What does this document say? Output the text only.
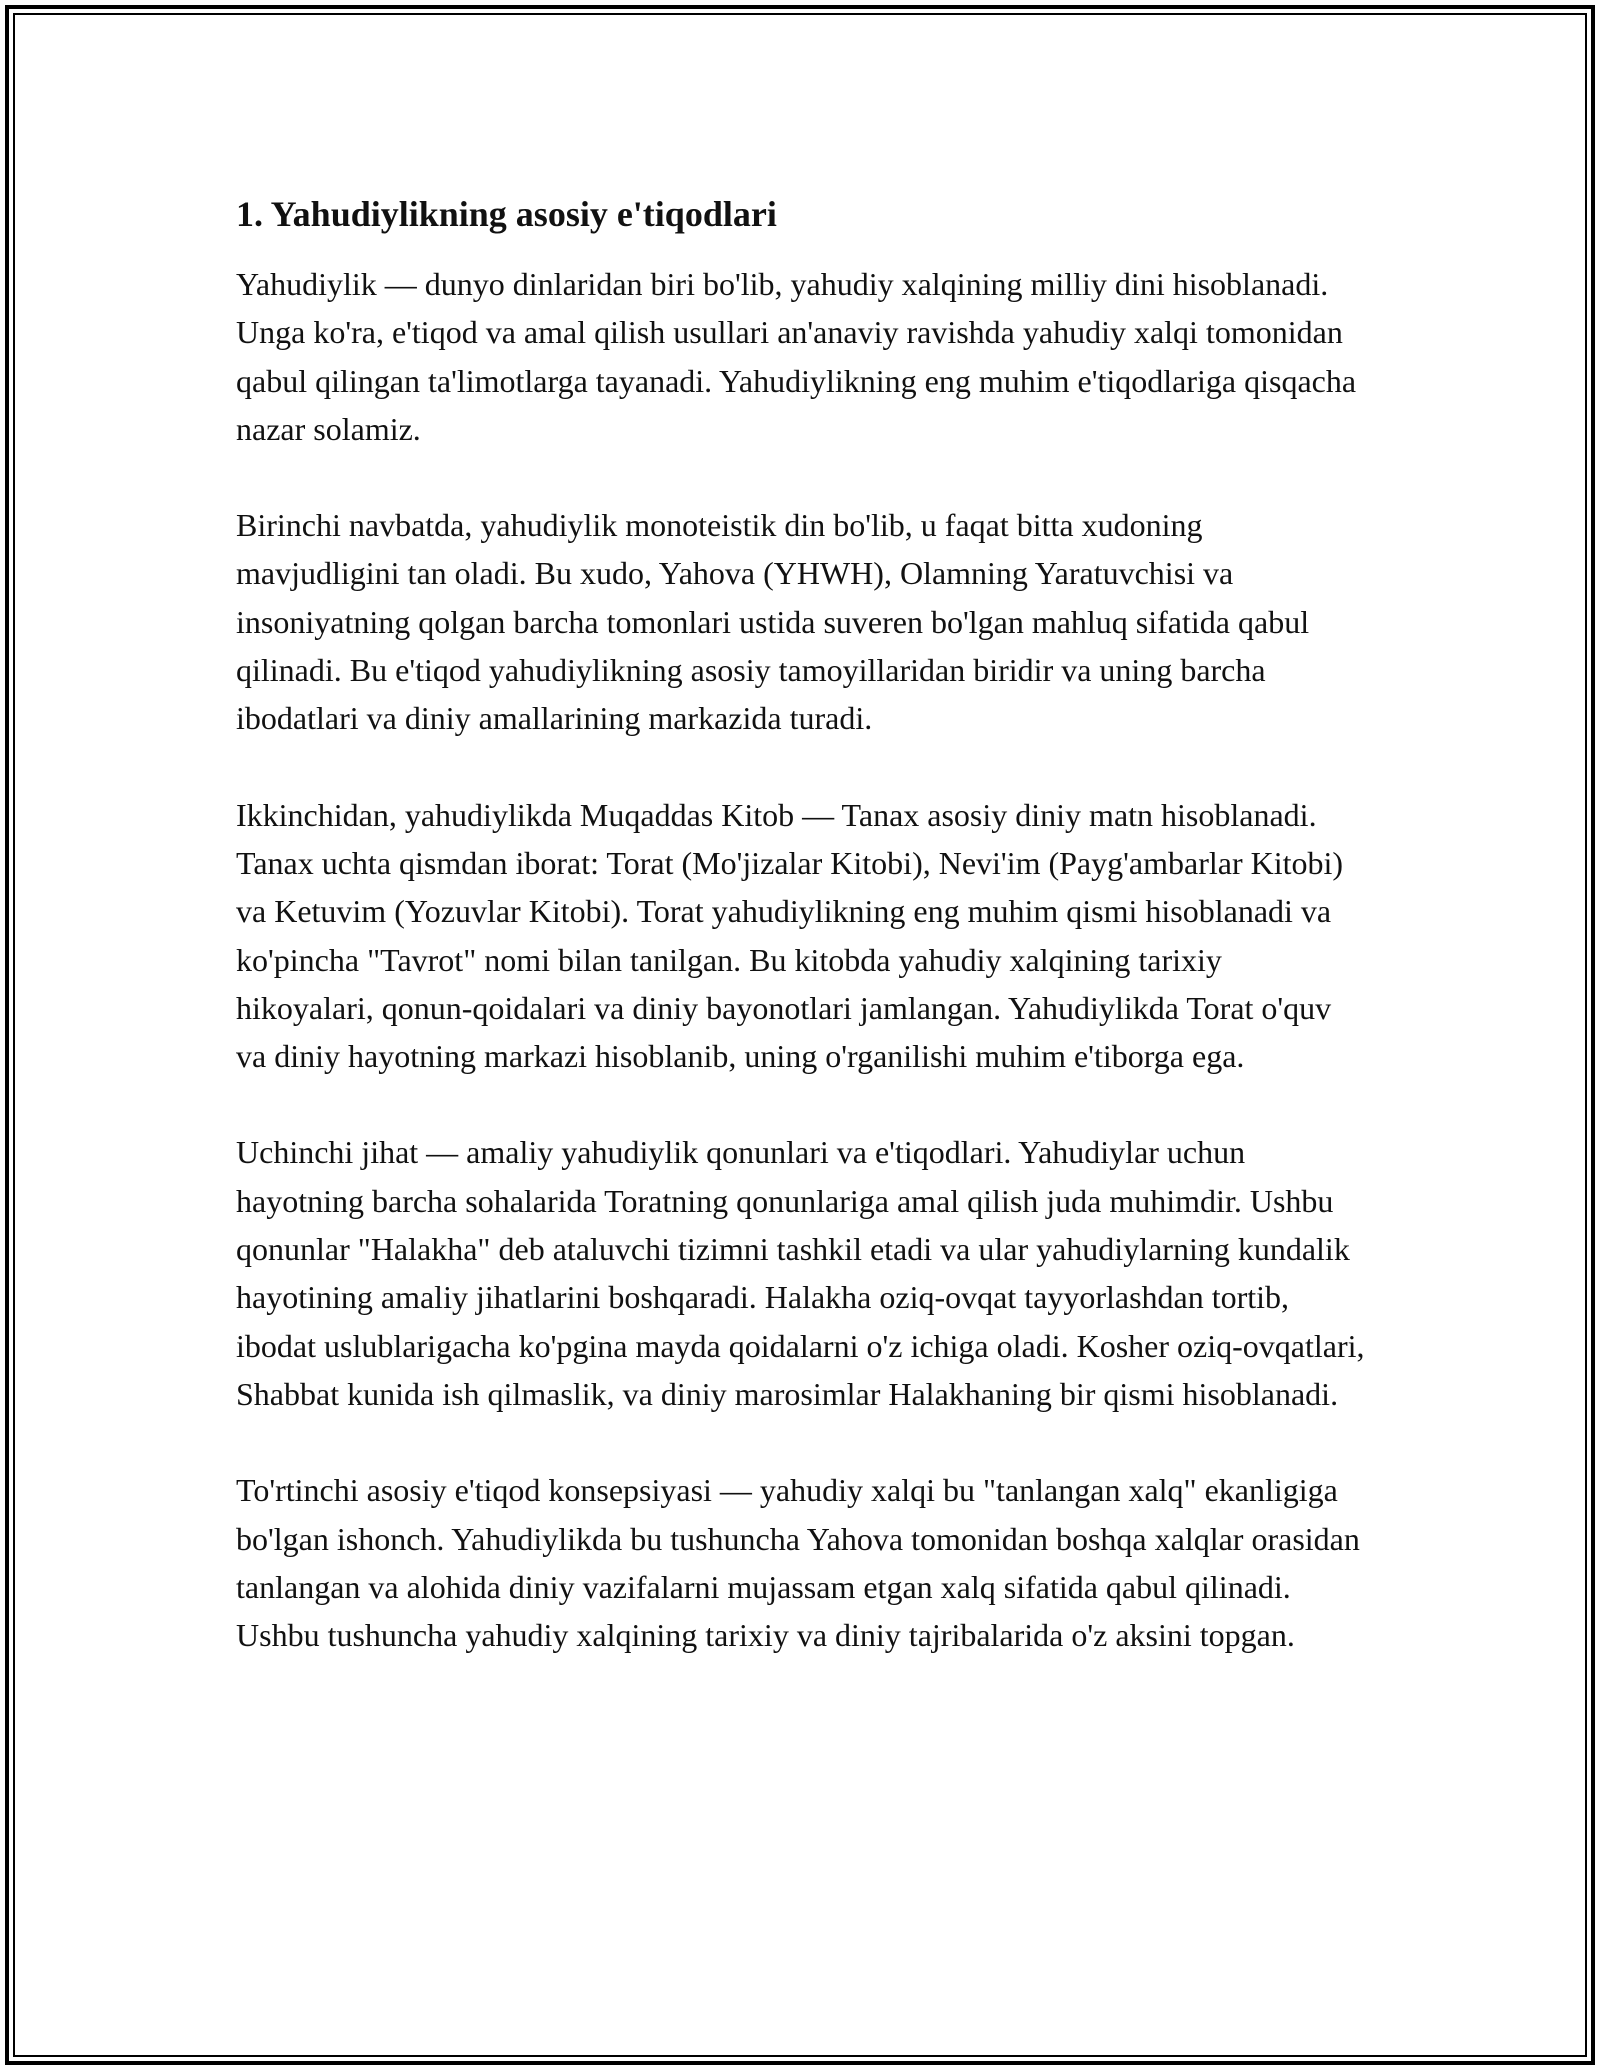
1. Yahudiylikning asosiy e'tiqodlari

Yahudiylik — dunyo dinlaridan biri bo'lib, yahudiy xalqining milliy dini hisoblanadi. Unga ko'ra, e'tiqod va amal qilish usullari an'anaviy ravishda yahudiy xalqi tomonidan qabul qilingan ta'limotlarga tayanadi. Yahudiylikning eng muhim e'tiqodlariga qisqacha nazar solamiz.

Birinchi navbatda, yahudiylik monoteistik din bo'lib, u faqat bitta xudoning mavjudligini tan oladi. Bu xudo, Yahova (YHWH), Olamning Yaratuvchisi va insoniyatning qolgan barcha tomonlari ustida suveren bo'lgan mahluq sifatida qabul qilinadi. Bu e'tiqod yahudiylikning asosiy tamoyillaridan biridir va uning barcha ibodatlari va diniy amallarining markazida turadi.

Ikkinchidan, yahudiylikda Muqaddas Kitob — Tanax asosiy diniy matn hisoblanadi. Tanax uchta qismdan iborat: Torat (Mo'jizalar Kitobi), Nevi'im (Payg'ambarlar Kitobi) va Ketuvim (Yozuvlar Kitobi). Torat yahudiylikning eng muhim qismi hisoblanadi va ko'pincha "Tavrot" nomi bilan tanilgan. Bu kitobda yahudiy xalqining tarixiy hikoyalari, qonun-qoidalari va diniy bayonotlari jamlangan. Yahudiylikda Torat o'quv va diniy hayotning markazi hisoblanib, uning o'rganilishi muhim e'tiborga ega.

Uchinchi jihat — amaliy yahudiylik qonunlari va e'tiqodlari. Yahudiylar uchun hayotning barcha sohalarida Toratning qonunlariga amal qilish juda muhimdir. Ushbu qonunlar "Halakha" deb ataluvchi tizimni tashkil etadi va ular yahudiylarning kundalik hayotining amaliy jihatlarini boshqaradi. Halakha oziq-ovqat tayyorlashdan tortib, ibodat uslublarigacha ko'pgina mayda qoidalarni o'z ichiga oladi. Kosher oziq-ovqatlari, Shabbat kunida ish qilmaslik, va diniy marosimlar Halakhaning bir qismi hisoblanadi.

To'rtinchi asosiy e'tiqod konsepsiyasi — yahudiy xalqi bu "tanlangan xalq" ekanligiga bo'lgan ishonch. Yahudiylikda bu tushuncha Yahova tomonidan boshqa xalqlar orasidan tanlangan va alohida diniy vazifalarni mujassam etgan xalq sifatida qabul qilinadi. Ushbu tushuncha yahudiy xalqining tarixiy va diniy tajribalarida o'z aksini topgan.
